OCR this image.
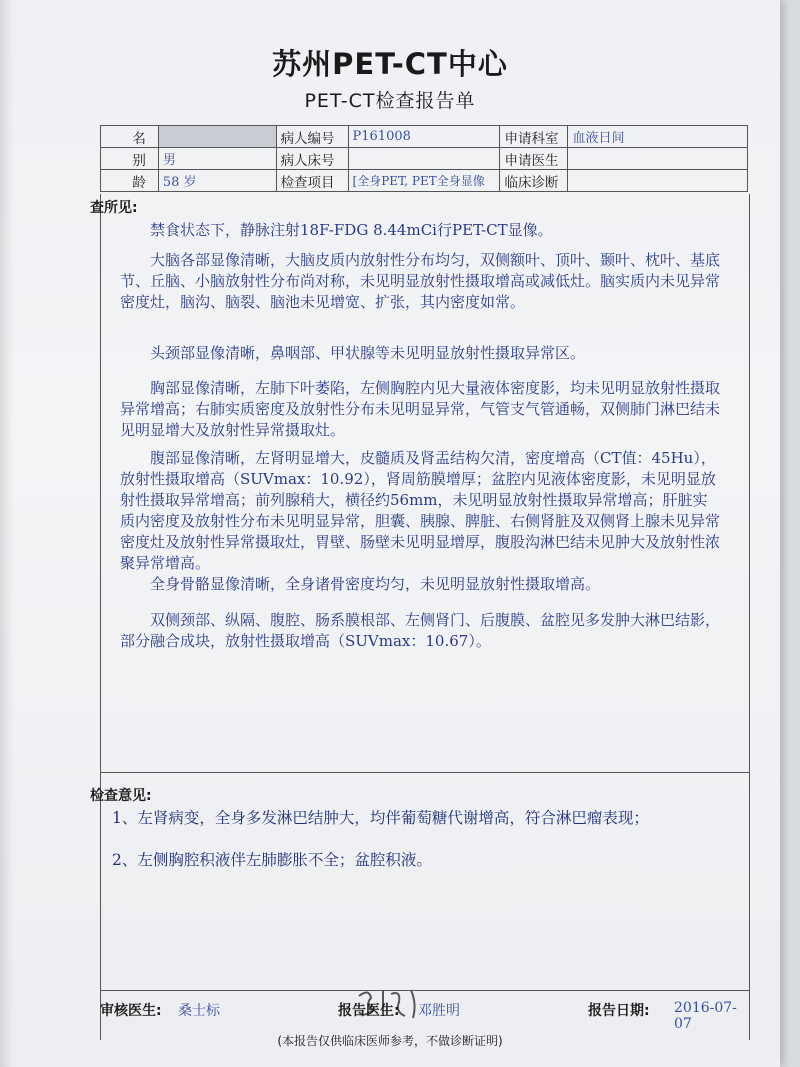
苏州PET-CT中心
PET-CT检查报告单
名		病人编号	P161008	申请科室	血液日间
别	男	病人床号		申请医生	
龄	58 岁	检查项目	[全身PET, PET全身显像	临床诊断	
查所见:

禁食状态下，静脉注射18F-FDG 8.44mCi行PET-CT显像。

大脑各部显像清晰，大脑皮质内放射性分布均匀，双侧额叶、顶叶、颞叶、枕叶、基底节、丘脑、小脑放射性分布尚对称，未见明显放射性摄取增高或减低灶。脑实质内未见异常密度灶，脑沟、脑裂、脑池未见增宽、扩张，其内密度如常。

头颈部显像清晰，鼻咽部、甲状腺等未见明显放射性摄取异常区。

胸部显像清晰，左肺下叶萎陷，左侧胸腔内见大量液体密度影，均未见明显放射性摄取异常增高；右肺实质密度及放射性分布未见明显异常，气管支气管通畅，双侧肺门淋巴结未见明显增大及放射性异常摄取灶。

腹部显像清晰，左肾明显增大，皮髓质及肾盂结构欠清，密度增高（CT值：45Hu），放射性摄取增高（SUVmax：10.92），肾周筋膜增厚；盆腔内见液体密度影，未见明显放射性摄取异常增高；前列腺稍大，横径约56mm，未见明显放射性摄取异常增高；肝脏实质内密度及放射性分布未见明显异常，胆囊、胰腺、脾脏、右侧肾脏及双侧肾上腺未见异常密度灶及放射性异常摄取灶，胃壁、肠壁未见明显增厚，腹股沟淋巴结未见肿大及放射性浓聚异常增高。

全身骨骼显像清晰，全身诸骨密度均匀，未见明显放射性摄取增高。

双侧颈部、纵隔、腹腔、肠系膜根部、左侧肾门、后腹膜、盆腔见多发肿大淋巴结影，部分融合成块，放射性摄取增高（SUVmax：10.67）。

检查意见:

1、左肾病变，全身多发淋巴结肿大，均伴葡萄糖代谢增高，符合淋巴瘤表现；

2、左侧胸腔积液伴左肺膨胀不全；盆腔积液。

审核医生: 桑士标	报告医生: 邓胜明	报告日期: 2016-07-07
(本报告仅供临床医师参考，不做诊断证明)
